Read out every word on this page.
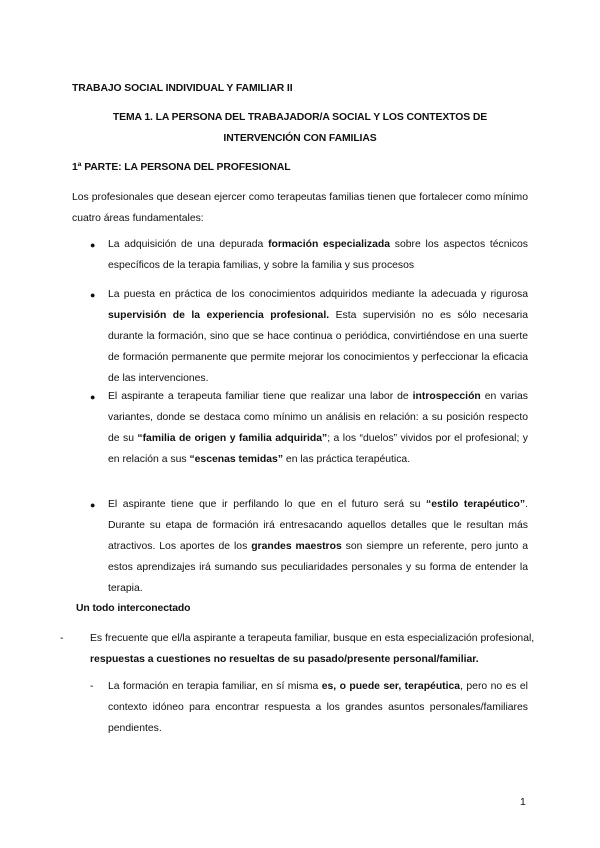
TRABAJO SOCIAL INDIVIDUAL Y FAMILIAR II
TEMA 1. LA PERSONA DEL TRABAJADOR/A SOCIAL Y LOS CONTEXTOS DE
INTERVENCIÓN CON FAMILIAS
1ª PARTE: LA PERSONA DEL PROFESIONAL
Los profesionales que desean ejercer como terapeutas familias tienen que fortalecer como mínimo cuatro áreas fundamentales:
● La adquisición de una depurada formación especializada sobre los aspectos técnicos específicos de la terapia familias, y sobre la familia y sus procesos
● La puesta en práctica de los conocimientos adquiridos mediante la adecuada y rigurosa supervisión de la experiencia profesional. Esta supervisión no es sólo necesaria durante la formación, sino que se hace continua o periódica, convirtiéndose en una suerte de formación permanente que permite mejorar los conocimientos y perfeccionar la eficacia de las intervenciones.
● El aspirante a terapeuta familiar tiene que realizar una labor de introspección en varias variantes, donde se destaca como mínimo un análisis en relación: a su posición respecto de su “familia de origen y familia adquirida”; a los “duelos” vividos por el profesional; y en relación a sus “escenas temidas” en las práctica terapéutica.
● El aspirante tiene que ir perfilando lo que en el futuro será su “estilo terapéutico”. Durante su etapa de formación irá entresacando aquellos detalles que le resultan más atractivos. Los aportes de los grandes maestros son siempre un referente, pero junto a estos aprendizajes irá sumando sus peculiaridades personales y su forma de entender la terapia.
Un todo interconectado
-	Es frecuente que el/la aspirante a terapeuta familiar, busque en esta especialización profesional,
respuestas a cuestiones no resueltas de su pasado/presente personal/familiar.
- La formación en terapia familiar, en sí misma es, o puede ser, terapéutica, pero no es el contexto idóneo para encontrar respuesta a los grandes asuntos personales/familiares pendientes.
1
